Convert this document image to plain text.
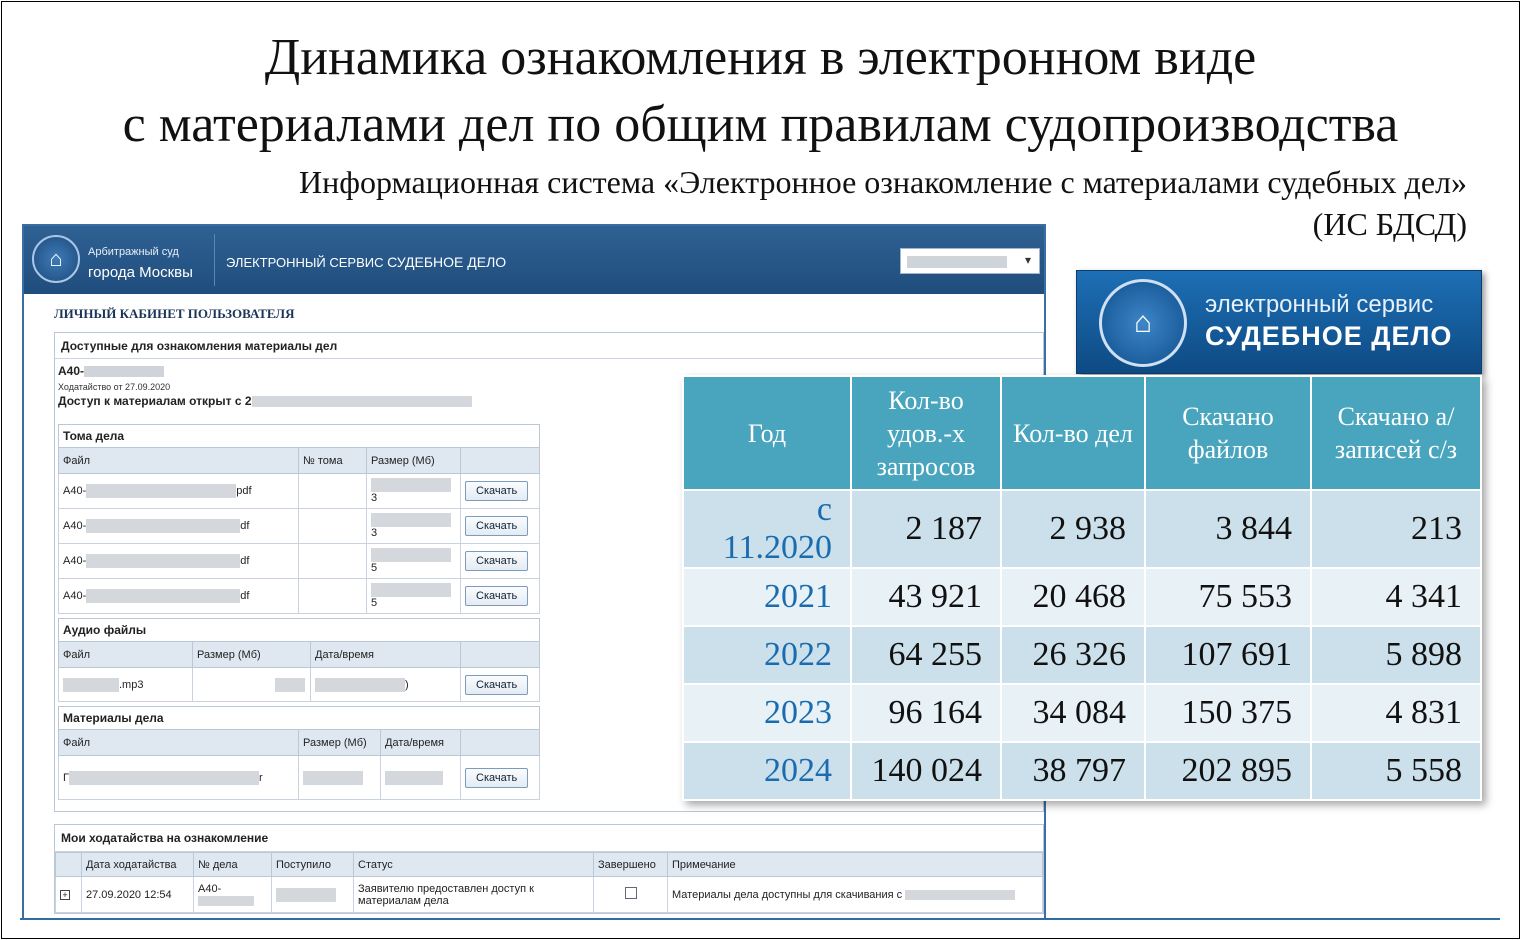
Динамика ознакомления в электронном виде
с материалами дел по общим правилам судопроизводства
Информационная система «Электронное ознакомление с материалами судебных дел»
(ИС БДСД)
⌂	Арбитражный суд
города Москвы
ЭЛЕКТРОННЫЙ СЕРВИС СУДЕБНОЕ ДЕЛО	▾
ЛИЧНЫЙ КАБИНЕТ ПОЛЬЗОВАТЕЛЯ
Доступные для ознакомления материалы дел
А40-
Ходатайство от 27.09.2020
Доступ к материалам открыт с 2
Тома дела
Файл	№ тома	Размер (Мб)	
А40- pdf		3	Скачать
А40- df		3	Скачать
А40- df		5	Скачать
А40- df		5	Скачать
Аудио файлы
Файл	Размер (Мб)	Дата/время	
.mp3		)	Скачать
Материалы дела
Файл	Размер (Мб)	Дата/время	
Г r			Скачать
Мои ходатайства на ознакомление
	Дата ходатайства	№ дела	Поступило	Статус	Завершено	Примечание
+	27.09.2020 12:54	А40-		Заявителю предоставлен доступ к материалам дела		Материалы дела доступны для скачивания с
⌂
электронный сервис
СУДЕБНОЕ ДЕЛО
Год	Кол-во удов.-х запросов	Кол-во дел	Скачано файлов	Скачано а/записей с/з
с 11.2020	2 187	2 938	3 844	213
2021	43 921	20 468	75 553	4 341
2022	64 255	26 326	107 691	5 898
2023	96 164	34 084	150 375	4 831
2024	140 024	38 797	202 895	5 558
